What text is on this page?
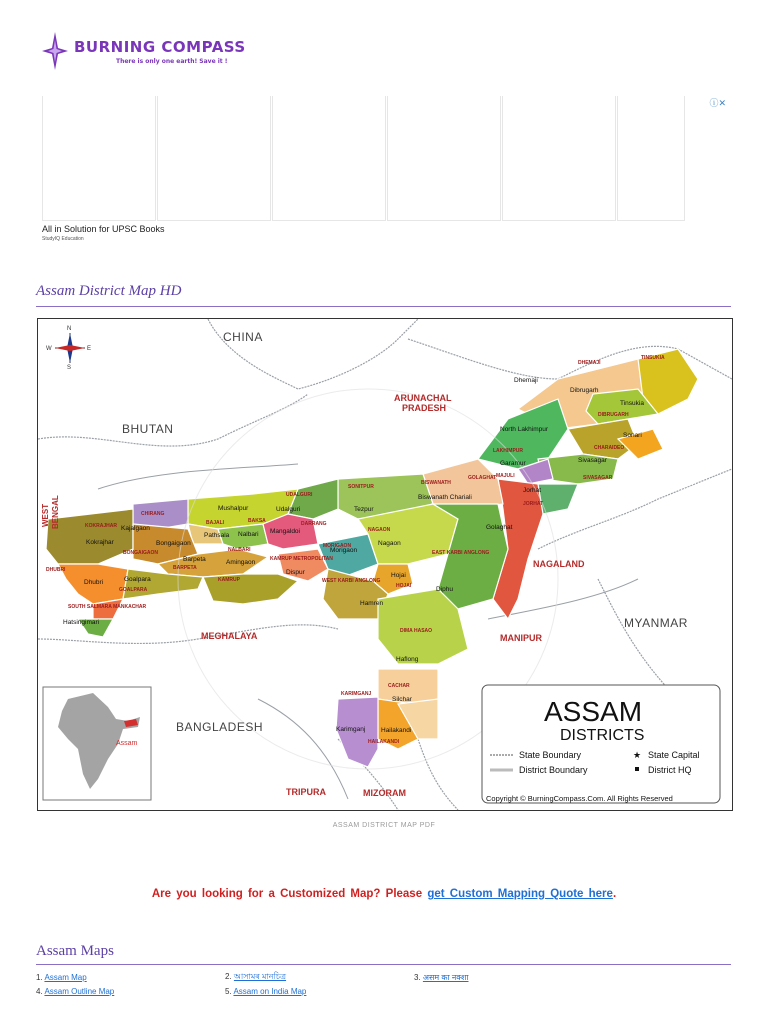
BURNING COMPASS
There is only one earth! Save it !
ⓘ✕
All in Solution for UPSC Books
StudyIQ Education
Assam District Map HD
N
S
E
W
CHINA
BHUTAN
MYANMAR
BANGLADESH
ARUNACHAL
PRADESH
NAGALAND
MANIPUR
MEGHALAYA
TRIPURA	MIZORAM
WEST BENGAL
DHEMAJI
TINSUKIA
DIBRUGARH
LAKHIMPUR	CHARAIDEO
SIVASAGAR
MAJULI
JORHAT
GOLAGHAT
BISWANATH
SONITPUR
UDALGURI
BAKSA
CHIRANG
KOKRAJHAR	BAJALI
NALBARI
DARRANG
BONGAIGAON
BARPETA
KAMRUP
KAMRUP METROPOLITAN
MORIGAON
NAGAON
DHUBRI
GOALPARA
SOUTH SALMARA MANKACHAR
EAST KARBI ANGLONG
WEST KARBI ANGLONG
HOJAI
DIMA HASAO
CACHAR
KARIMGANJ
HAILAKANDI
Dhemaji
Dibrugarh
Tinsukia
North Lakhimpur
Sivasagar
Sonari
Garamur
Jorhat
Golaghat
Biswanath Chariali
Tezpur
Udalguri
Mushalpur
Kajalgaon
Kokrajhar
Pathsala
Bongaigaon
Nalbari Mangaldoi
Barpeta
Goalpara
Amingaon
Dispur
Morigaon
Nagaon
Dhubri
Hatsingimari
Hojai
Diphu
Hamren
Haflong
Silchar
Hailakandi
Karimganj
Assam
ASSAM
DISTRICTS
State Boundary
District Boundary
★ State Capital
District HQ
Copyright © BurningCompass.Com. All Rights Reserved
ASSAM DISTRICT MAP PDF
Are you looking for a Customized Map? Please get Custom Mapping Quote here.
Assam Maps
1. Assam Map	2. আসামৰ মানচিত্ৰ	3. असम का नक्शा
4. Assam Outline Map	5. Assam on India Map
